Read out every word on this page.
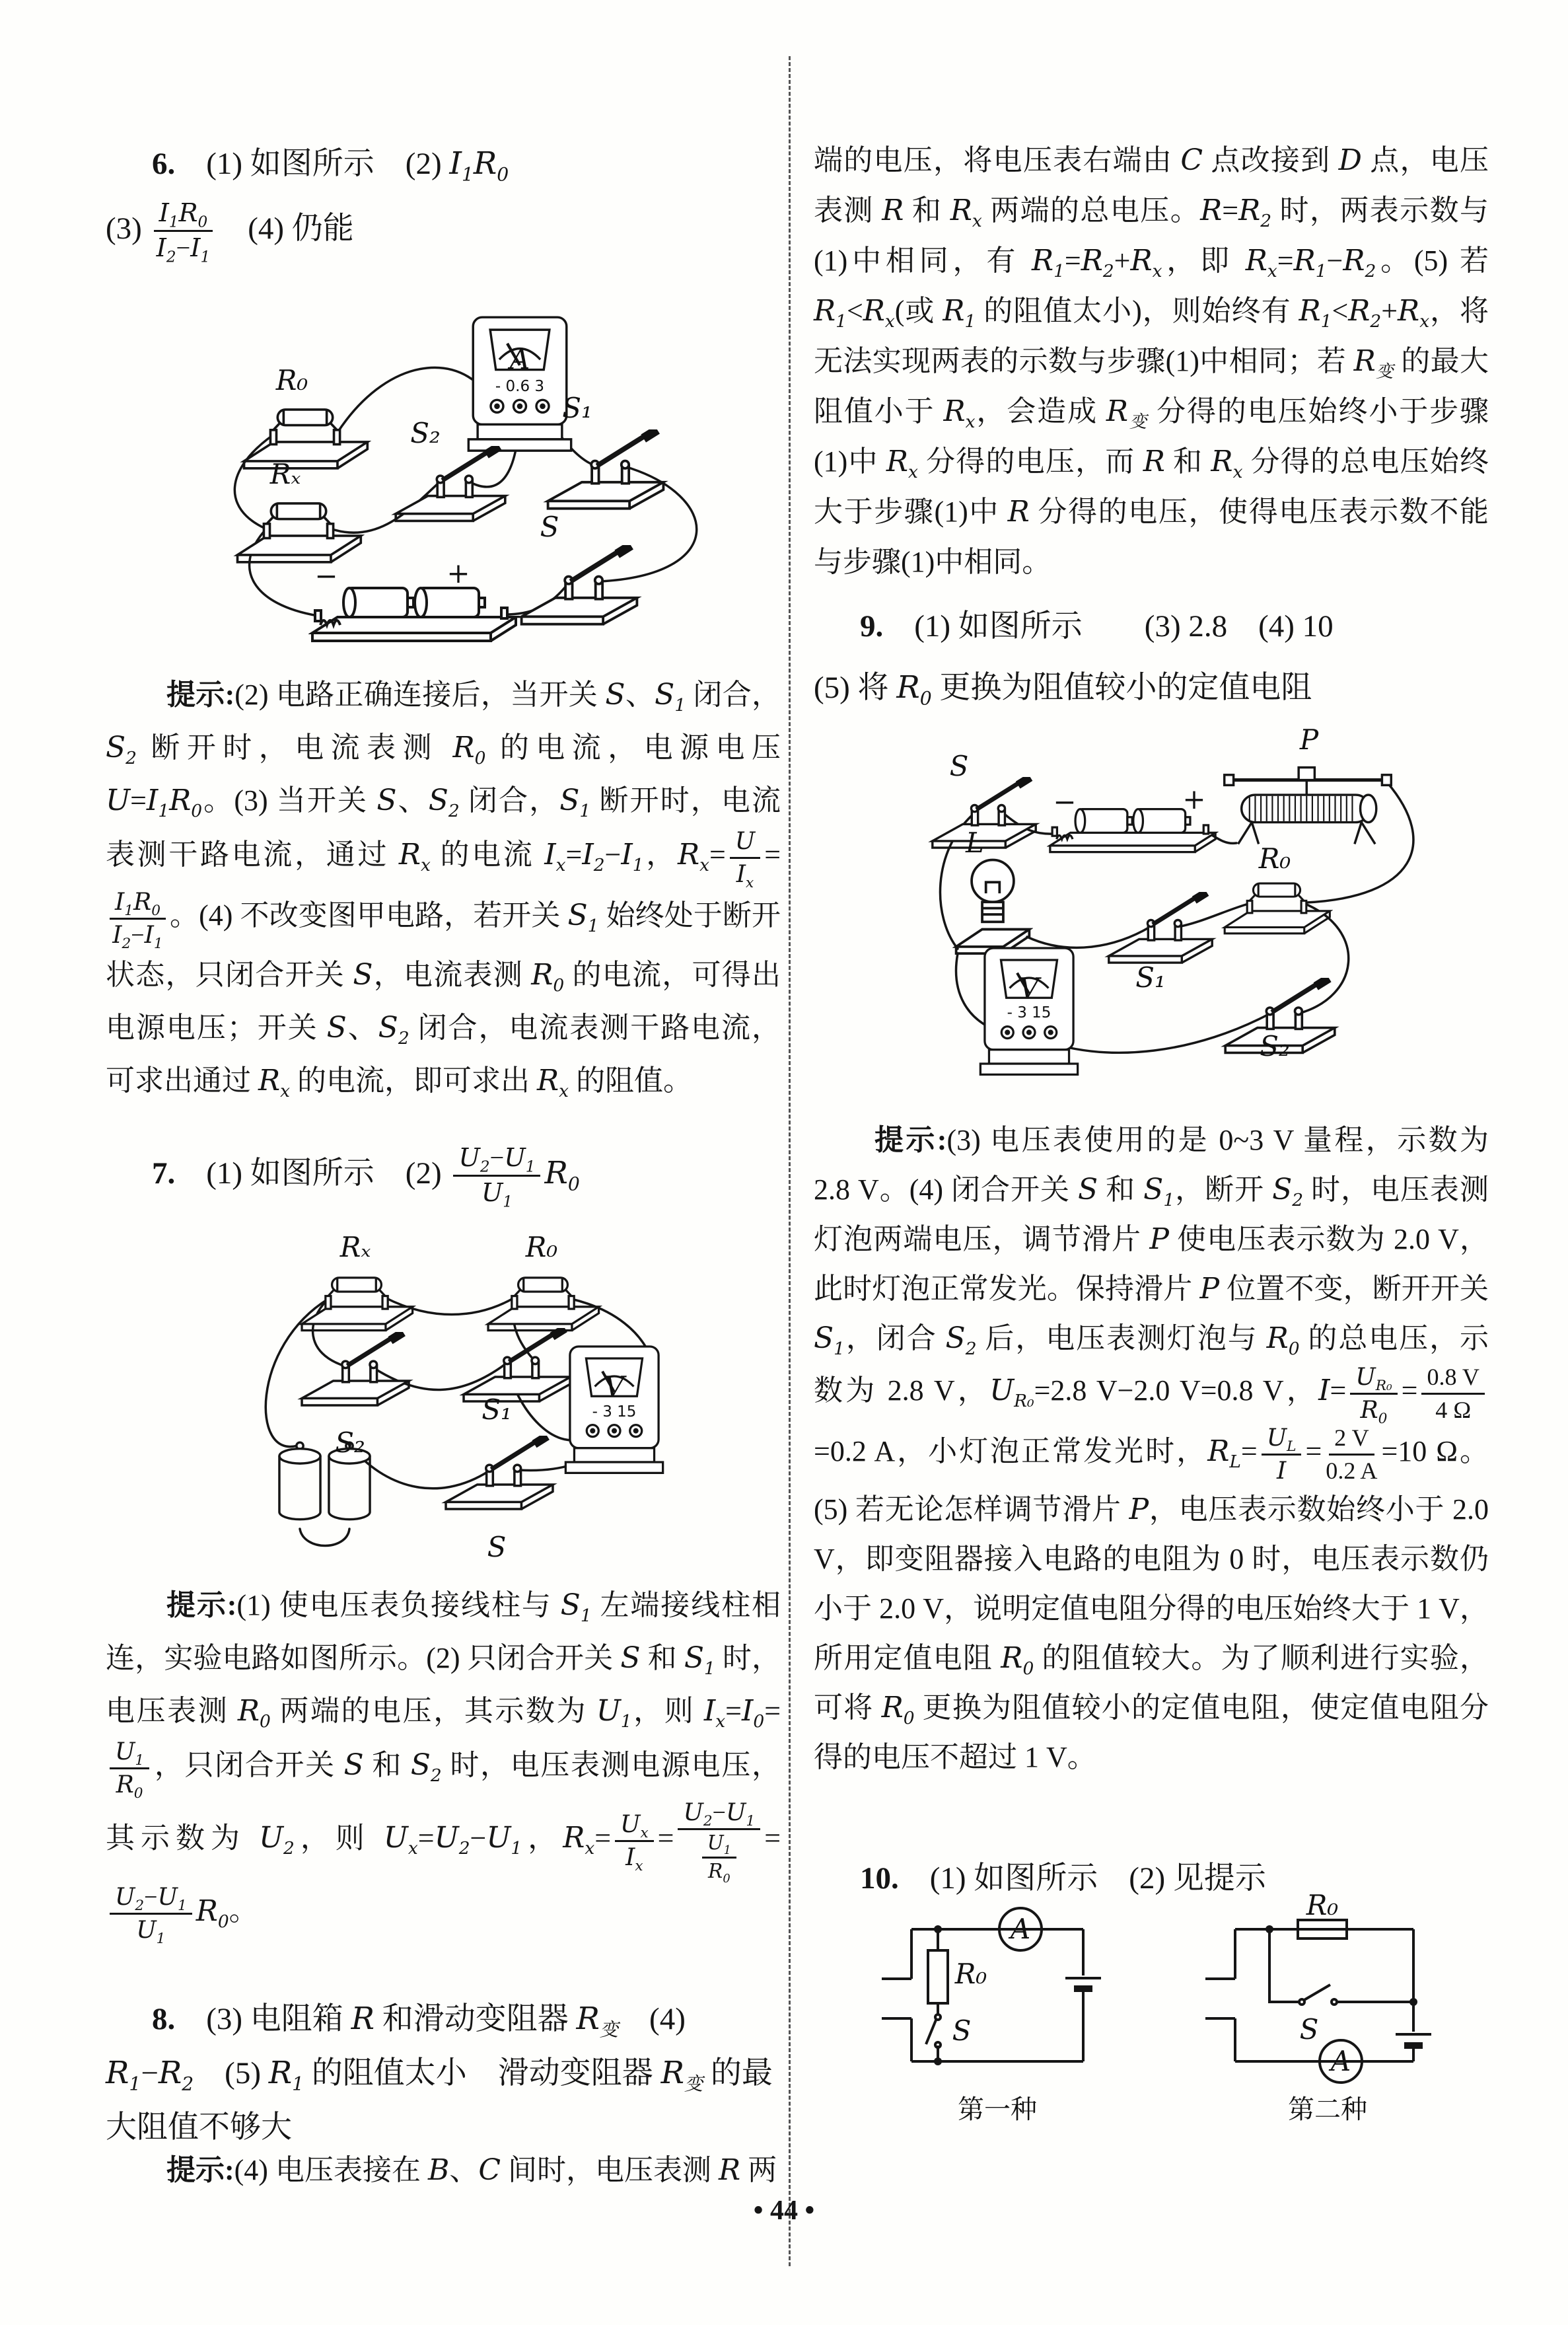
6.　(1) 如图所示　(2) $I_1R_0$
$(3) \frac{I_1R_0}{I_2-I_1}$ 　(4) 仍能
A
- 0.6 3
R₀
Rₓ
S₂
S₁
S
−	+
提示:(2) 电路正确连接后，当开关 S、$S_1$ 闭合，$S_2$ 断开时，电流表测 $R_0$ 的电流，电源电压 $U=I_1R_0$。(3) 当开关 S、$S_2$ 闭合，$S_1$ 断开时，电流表测干路电流，通过 $R_x$ 的电流 $I_x=I_2-I_1$，$R_x= \frac{U}{I_x}$ =
$\frac{I_1R_0}{I_2-I_1}$ 。(4) 不改变图甲电路，若开关 $S_1$ 始终处于断开状态，只闭合开关 S，电流表测 $R_0$ 的电流，可得出电源电压；开关 S、$S_2$ 闭合，电流表测干路电流，可求出通过 $R_x$ 的电流，即可求出 $R_x$ 的阻值。
7.　(1) 如图所示　$(2) \frac{U_2-U_1}{U_1} R_0$
Rₓ	R₀
S₂
S₁
V
- 3 15
S
提示:(1) 使电压表负接线柱与 $S_1$ 左端接线柱相连，实验电路如图所示。(2) 只闭合开关 S 和 $S_1$ 时，电压表测 $R_0$ 两端的电压，其示数为 $U_1$，则 $I_x=I_0=$
$\frac{U_1}{R_0}$ ，只闭合开关 S 和 $S_2$ 时，电压表测电源电压，其示数为 $U_2$，则 $U_x=U_2-U_1$，$R_x= \frac{U_x}{I_x} = \frac{U_2-U_1}{\frac{U_1}{R_0}}$ =
$\frac{U_2-U_1}{U_1} R_0$。
8.　(3) 电阻箱 R 和滑动变阻器 $R_变$　(4) $R_1-R_2$　(5) $R_1$ 的阻值太小　滑动变阻器 $R_变$ 的最大阻值不够大
提示:(4) 电压表接在 B、C 间时，电压表测 R 两
端的电压，将电压表右端由 C 点改接到 D 点，电压表测 R 和 $R_x$ 两端的总电压。$R=R_2$ 时，两表示数与(1)中相同，有 $R_1=R_2+R_x$，即 $R_x=R_1-R_2$。(5) 若 $R_1<R_x$(或 $R_1$ 的阻值太小)，则始终有 $R_1<R_2+R_x$，将无法实现两表的示数与步骤(1)中相同；若 $R_变$ 的最大阻值小于 $R_x$，会造成 $R_变$ 分得的电压始终小于步骤(1)中 $R_x$ 分得的电压，而 R 和 $R_x$ 分得的总电压始终大于步骤(1)中 R 分得的电压，使得电压表示数不能与步骤(1)中相同。
9.　(1) 如图所示　　(3) 2.8　(4) 10
(5) 将 $R_0$ 更换为阻值较小的定值电阻
S
−	+
P
L	R₀
S₁
V
- 3 15
S₂
提示:(3) 电压表使用的是 0~3 V 量程，示数为 2.8 V。(4) 闭合开关 S 和 $S_1$，断开 $S_2$ 时，电压表测灯泡两端电压，调节滑片 P 使电压表示数为 2.0 V，此时灯泡正常发光。保持滑片 P 位置不变，断开开关 $S_1$，闭合 $S_2$ 后，电压表测灯泡与 $R_0$ 的总电压，示数为 2.8 V，$U_{R_0}=2.8$ V−2.0 V=0.8 V，$I= \frac{U_{R_0}}{R_0} = \frac{0.8 V}{4 \Omega}$
=0.2 A，小灯泡正常发光时，$R_L= \frac{U_L}{I} = \frac{2 V}{0.2 A} =10$ Ω。(5) 若无论怎样调节滑片 P，电压表示数始终小于 2.0 V，即变阻器接入电路的电阻为 0 时，电压表示数仍小于 2.0 V，说明定值电阻分得的电压始终大于 1 V，所用定值电阻 $R_0$ 的阻值较大。为了顺利进行实验，可将 $R_0$ 更换为阻值较小的定值电阻，使定值电阻分得的电压不超过 1 V。
10.　(1) 如图所示　(2) 见提示
A
R₀
S
第一种
A
R₀
S
第二种
• 44 •
